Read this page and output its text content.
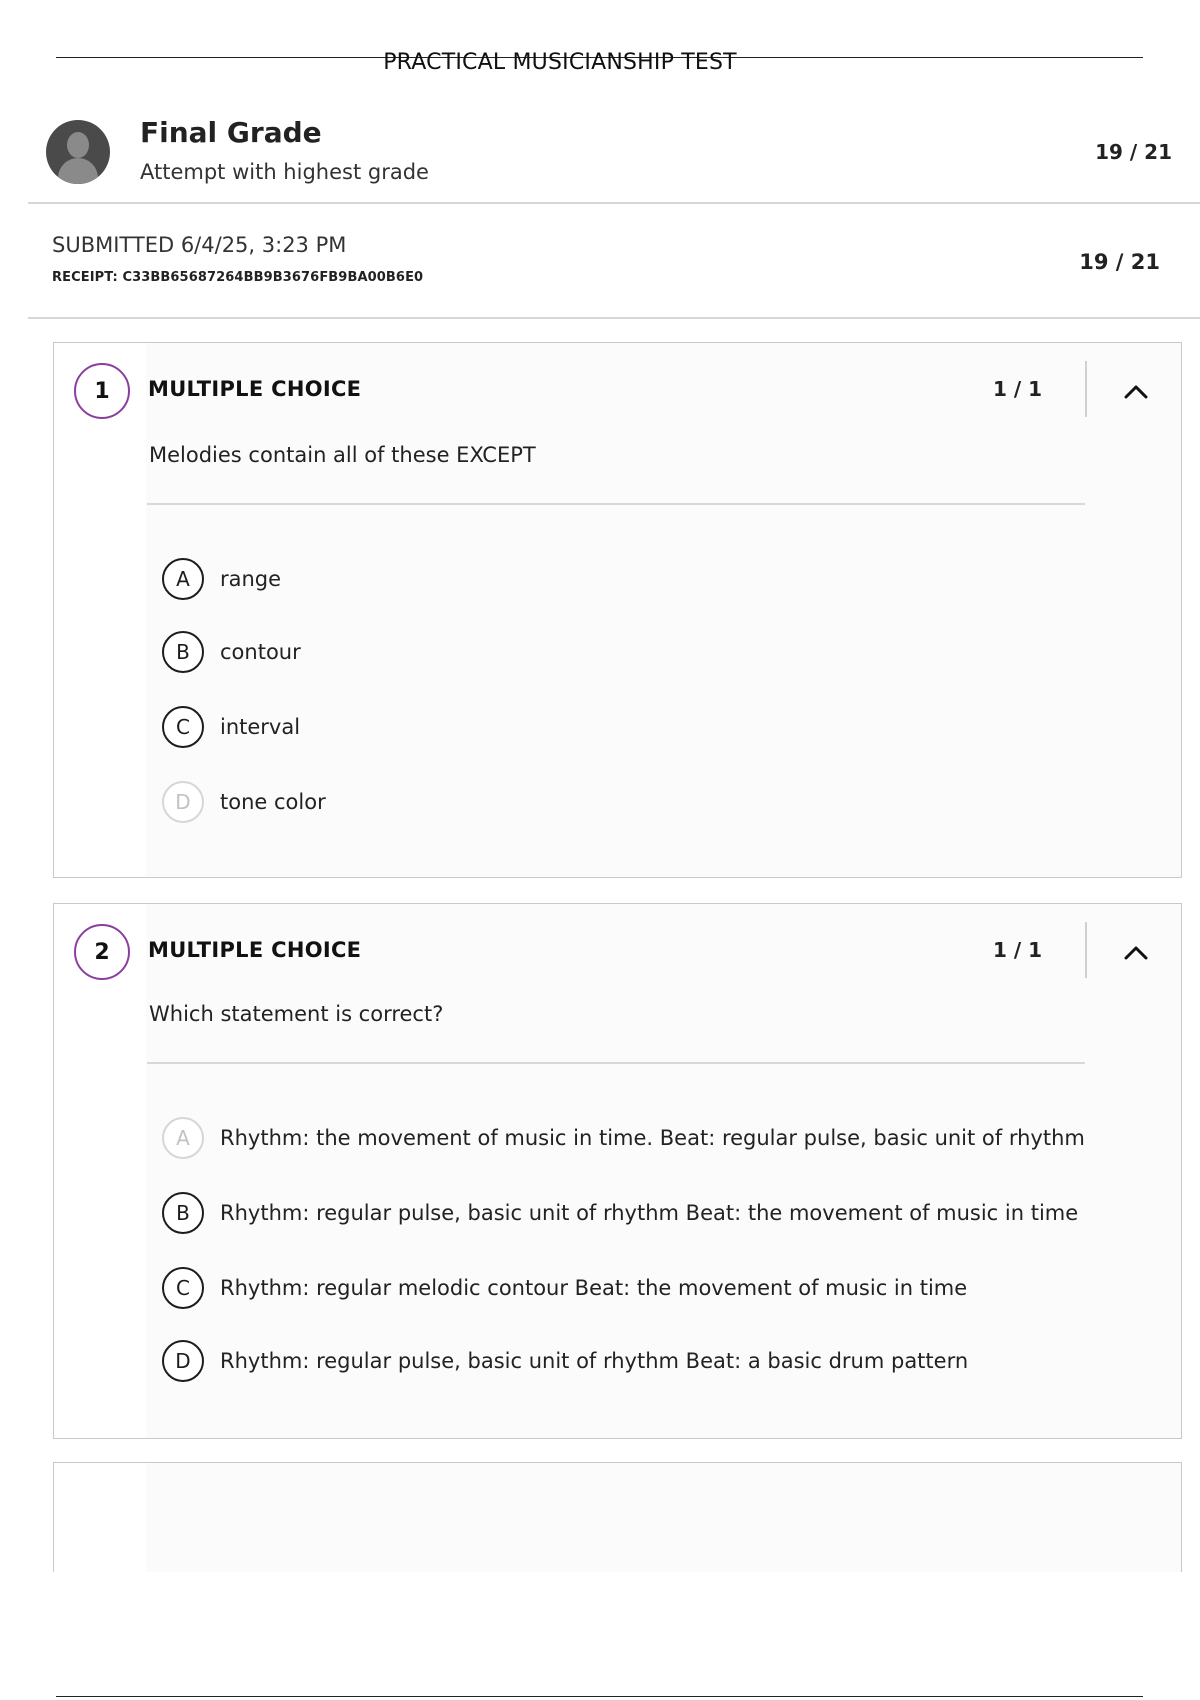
PRACTICAL MUSICIANSHIP TEST
Final Grade
Attempt with highest grade
19 / 21
SUBMITTED 6/4/25, 3:23 PM
RECEIPT: C33BB65687264BB9B3676FB9BA00B6E0
19 / 21
1	MULTIPLE CHOICE	1 / 1
Melodies contain all of these EXCEPT
A	range
B	contour
C	interval
D	tone color
2	MULTIPLE CHOICE	1 / 1
Which statement is correct?
A	Rhythm: the movement of music in time. Beat: regular pulse, basic unit of rhythm
B	Rhythm: regular pulse, basic unit of rhythm Beat: the movement of music in time
C	Rhythm: regular melodic contour Beat: the movement of music in time
D	Rhythm: regular pulse, basic unit of rhythm Beat: a basic drum pattern
